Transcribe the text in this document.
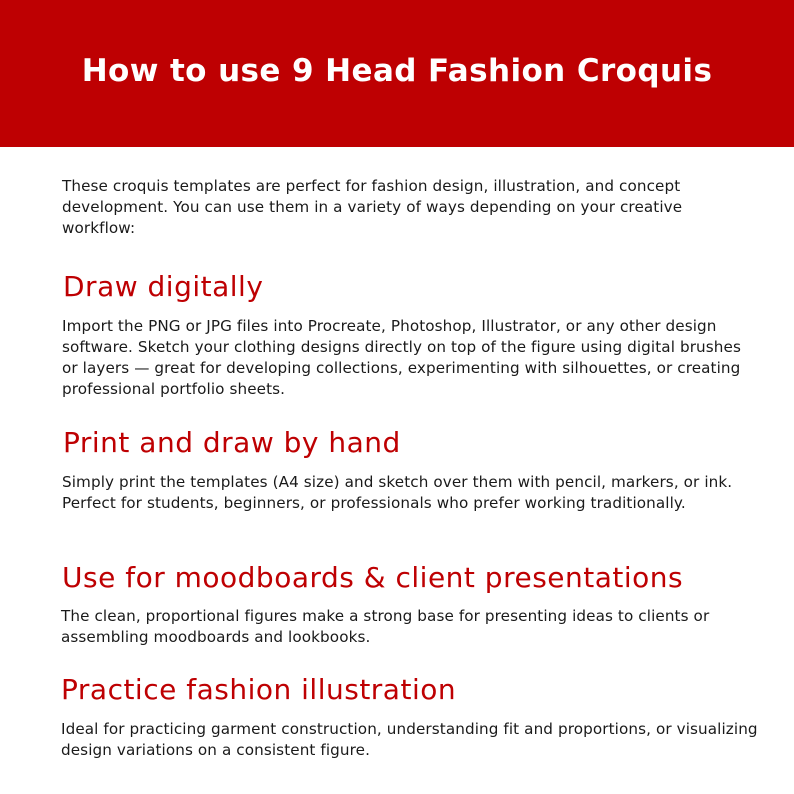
How to use 9 Head Fashion Croquis

These croquis templates are perfect for fashion design, illustration, and concept development. You can use them in a variety of ways depending on your creative workflow:

Draw digitally

Import the PNG or JPG files into Procreate, Photoshop, Illustrator, or any other design software. Sketch your clothing designs directly on top of the figure using digital brushes or layers — great for developing collections, experimenting with silhouettes, or creating professional portfolio sheets.

Print and draw by hand

Simply print the templates (A4 size) and sketch over them with pencil, markers, or ink. Perfect for students, beginners, or professionals who prefer working traditionally.

Use for moodboards & client presentations

The clean, proportional figures make a strong base for presenting ideas to clients or assembling moodboards and lookbooks.

Practice fashion illustration

Ideal for practicing garment construction, understanding fit and proportions, or visualizing design variations on a consistent figure.
